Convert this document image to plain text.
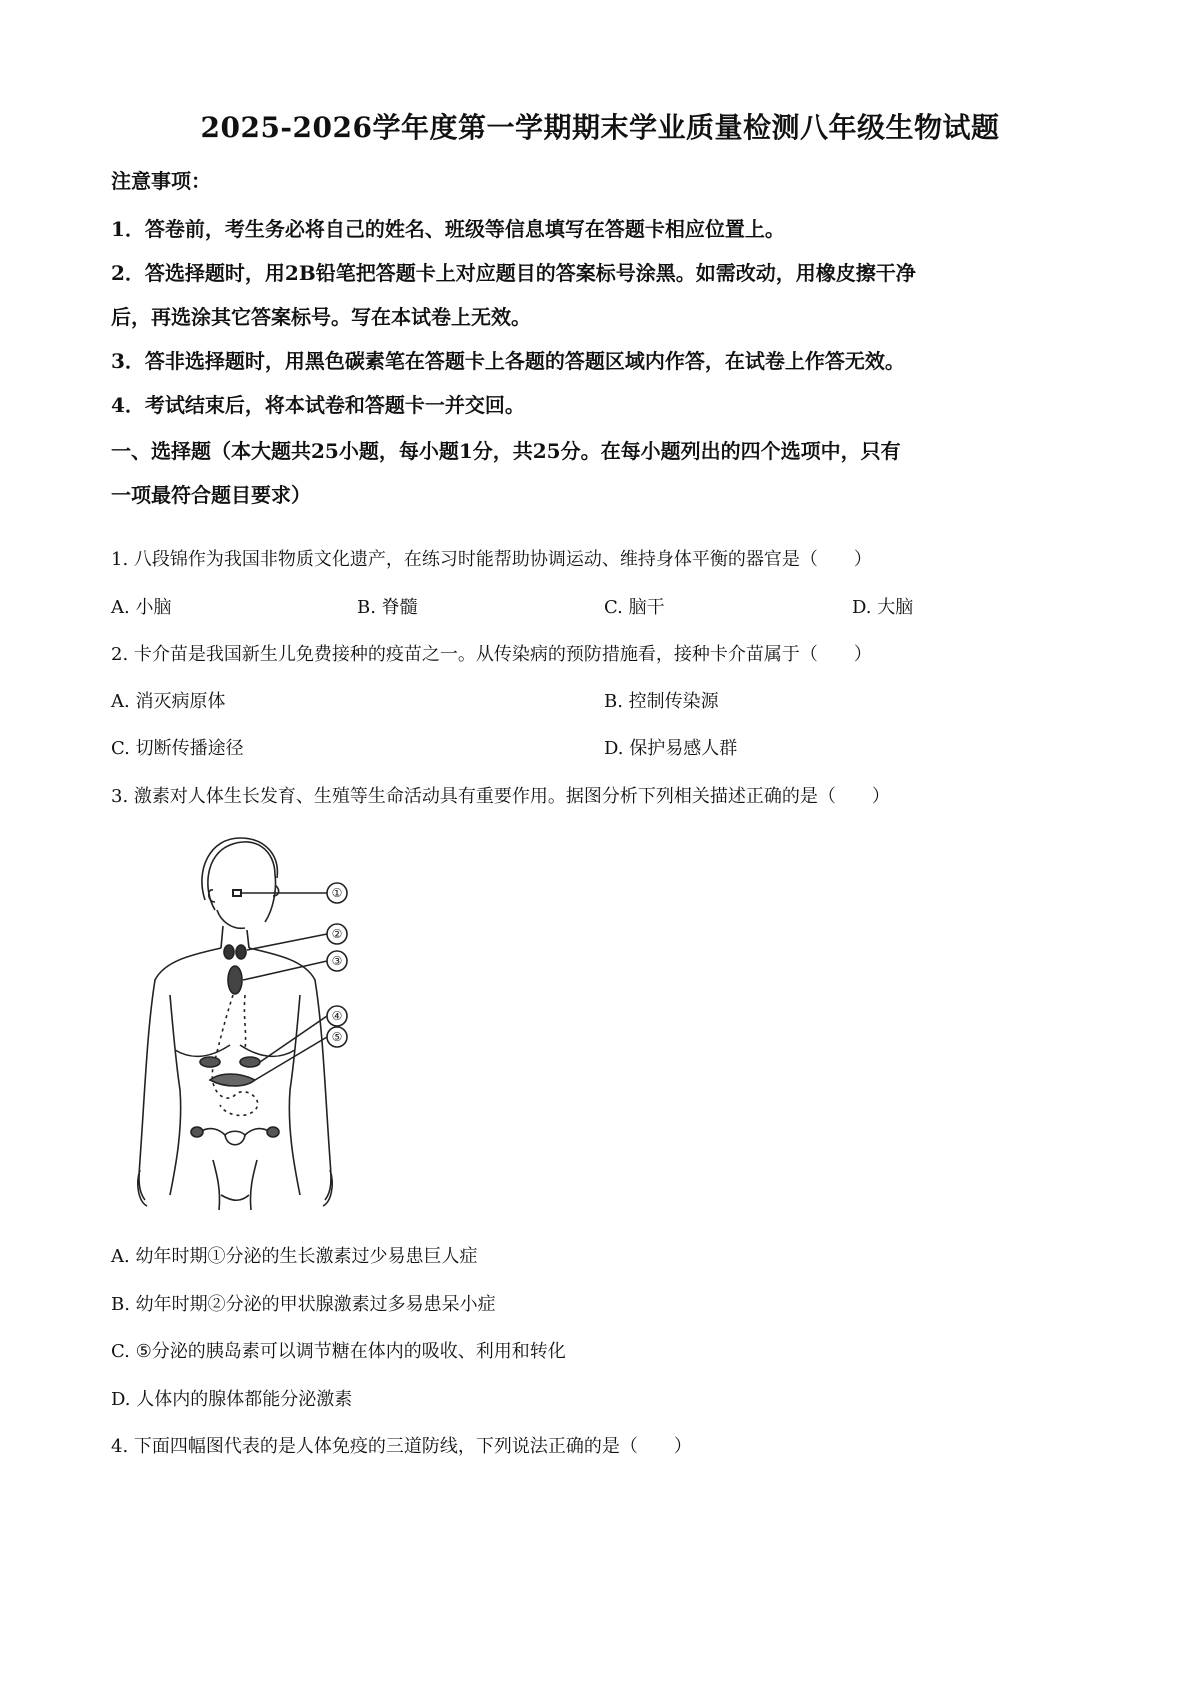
2025-2026学年度第一学期期末学业质量检测八年级生物试题
注意事项：
1．答卷前，考生务必将自己的姓名、班级等信息填写在答题卡相应位置上。
2．答选择题时，用2B铅笔把答题卡上对应题目的答案标号涂黑。如需改动，用橡皮擦干净
后，再选涂其它答案标号。写在本试卷上无效。
3．答非选择题时，用黑色碳素笔在答题卡上各题的答题区域内作答，在试卷上作答无效。
4．考试结束后，将本试卷和答题卡一并交回。
一、选择题（本大题共25小题，每小题1分，共25分。在每小题列出的四个选项中，只有
一项最符合题目要求）
1. 八段锦作为我国非物质文化遗产，在练习时能帮助协调运动、维持身体平衡的器官是（　　）
A. 小脑	B. 脊髓	C. 脑干	D. 大脑
2. 卡介苗是我国新生儿免费接种的疫苗之一。从传染病的预防措施看，接种卡介苗属于（　　）
A. 消灭病原体	B. 控制传染源
C. 切断传播途径	D. 保护易感人群
3. 激素对人体生长发育、生殖等生命活动具有重要作用。据图分析下列相关描述正确的是（　　）
①
②
③
④
⑤
A. 幼年时期①分泌的生长激素过少易患巨人症
B. 幼年时期②分泌的甲状腺激素过多易患呆小症
C. ⑤分泌的胰岛素可以调节糖在体内的吸收、利用和转化
D. 人体内的腺体都能分泌激素
4. 下面四幅图代表的是人体免疫的三道防线，下列说法正确的是（　　）
